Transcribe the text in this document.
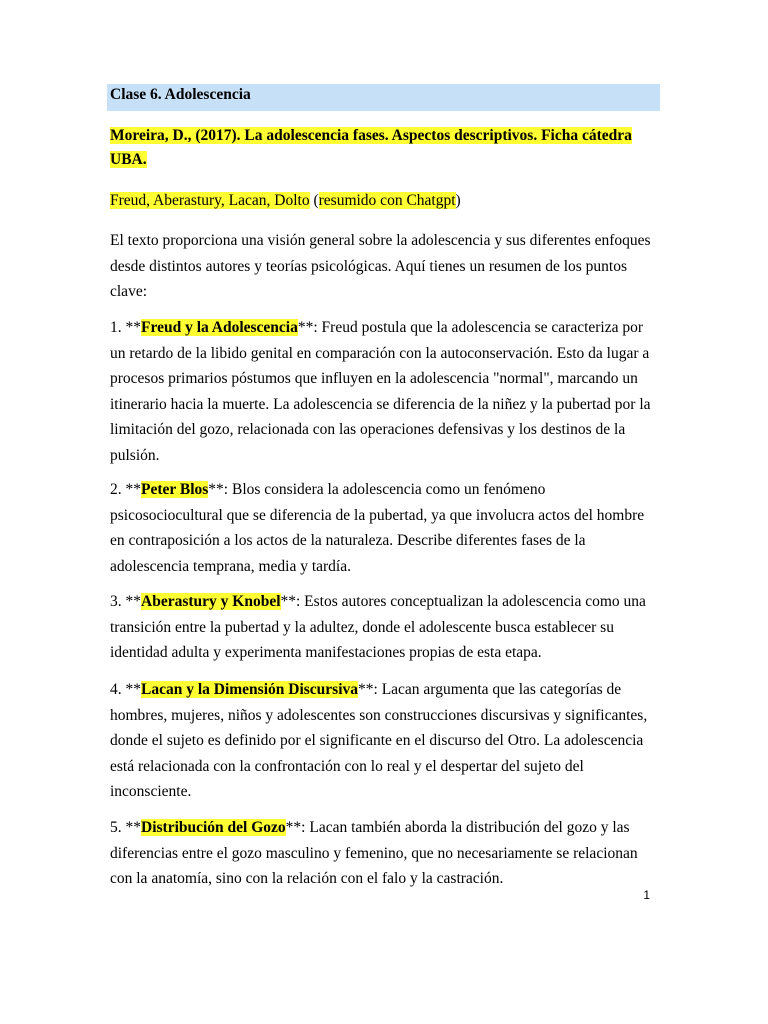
Clase 6. Adolescencia
Moreira, D., (2017). La adolescencia fases. Aspectos descriptivos. Ficha cátedra UBA.
Freud, Aberastury, Lacan, Dolto (resumido con Chatgpt)
El texto proporciona una visión general sobre la adolescencia y sus diferentes enfoques desde distintos autores y teorías psicológicas. Aquí tienes un resumen de los puntos clave:
1. **Freud y la Adolescencia**: Freud postula que la adolescencia se caracteriza por un retardo de la libido genital en comparación con la autoconservación. Esto da lugar a procesos primarios póstumos que influyen en la adolescencia "normal", marcando un itinerario hacia la muerte. La adolescencia se diferencia de la niñez y la pubertad por la limitación del gozo, relacionada con las operaciones defensivas y los destinos de la pulsión.
2. **Peter Blos**: Blos considera la adolescencia como un fenómeno psicosociocultural que se diferencia de la pubertad, ya que involucra actos del hombre en contraposición a los actos de la naturaleza. Describe diferentes fases de la adolescencia temprana, media y tardía.
3. **Aberastury y Knobel**: Estos autores conceptualizan la adolescencia como una transición entre la pubertad y la adultez, donde el adolescente busca establecer su identidad adulta y experimenta manifestaciones propias de esta etapa.
4. **Lacan y la Dimensión Discursiva**: Lacan argumenta que las categorías de hombres, mujeres, niños y adolescentes son construcciones discursivas y significantes, donde el sujeto es definido por el significante en el discurso del Otro. La adolescencia está relacionada con la confrontación con lo real y el despertar del sujeto del inconsciente.
5. **Distribución del Gozo**: Lacan también aborda la distribución del gozo y las diferencias entre el gozo masculino y femenino, que no necesariamente se relacionan con la anatomía, sino con la relación con el falo y la castración.
1
